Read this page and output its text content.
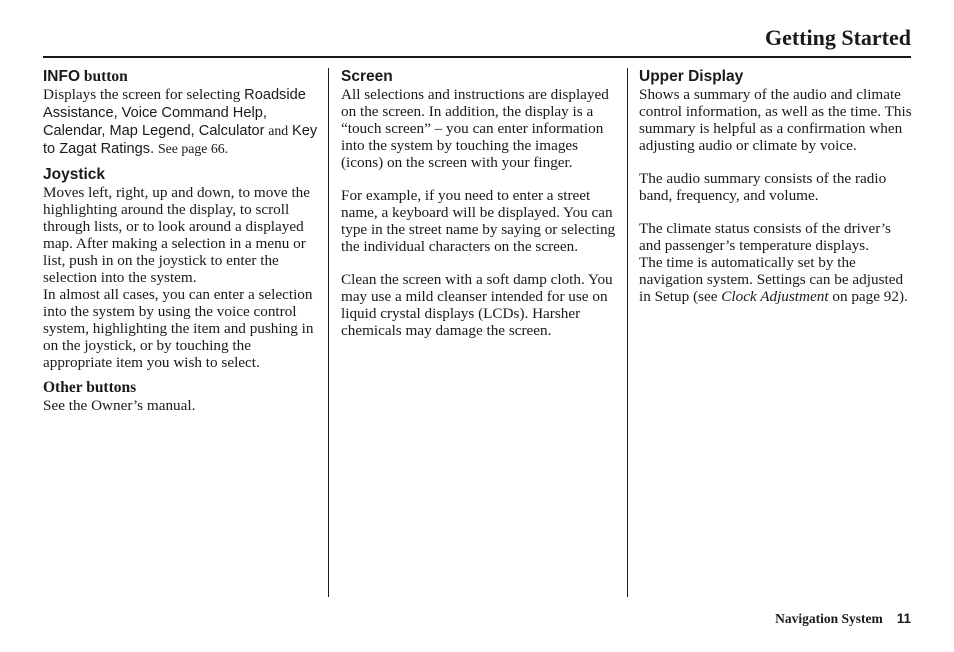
Getting Started
INFO button

Displays the screen for selecting Roadside Assistance, Voice Command Help, Calendar, Map Legend, Calculator and Key to Zagat Ratings. See page 66.

Joystick

Moves left, right, up and down, to move the highlighting around the display, to scroll through lists, or to look around a displayed map. After making a selection in a menu or list, push in on the joystick to enter the selection into the system.

In almost all cases, you can enter a selection into the system by using the voice control system, highlighting the item and pushing in on the joystick, or by touching the appropriate item you wish to select.

Other buttons

See the Owner’s manual.

Screen

All selections and instructions are displayed on the screen. In addition, the display is a “touch screen” – you can enter information into the system by touching the images (icons) on the screen with your finger.

For example, if you need to enter a street name, a keyboard will be displayed. You can type in the street name by saying or selecting the individual characters on the screen.

Clean the screen with a soft damp cloth. You may use a mild cleanser intended for use on liquid crystal displays (LCDs). Harsher chemicals may damage the screen.

Upper Display

Shows a summary of the audio and climate control information, as well as the time. This summary is helpful as a confirmation when adjusting audio or climate by voice.

The audio summary consists of the radio band, frequency, and volume.

The climate status consists of the driver’s and passenger’s temperature displays.

The time is automatically set by the navigation system. Settings can be adjusted in Setup (see Clock Adjustment on page 92).

Navigation System 11
